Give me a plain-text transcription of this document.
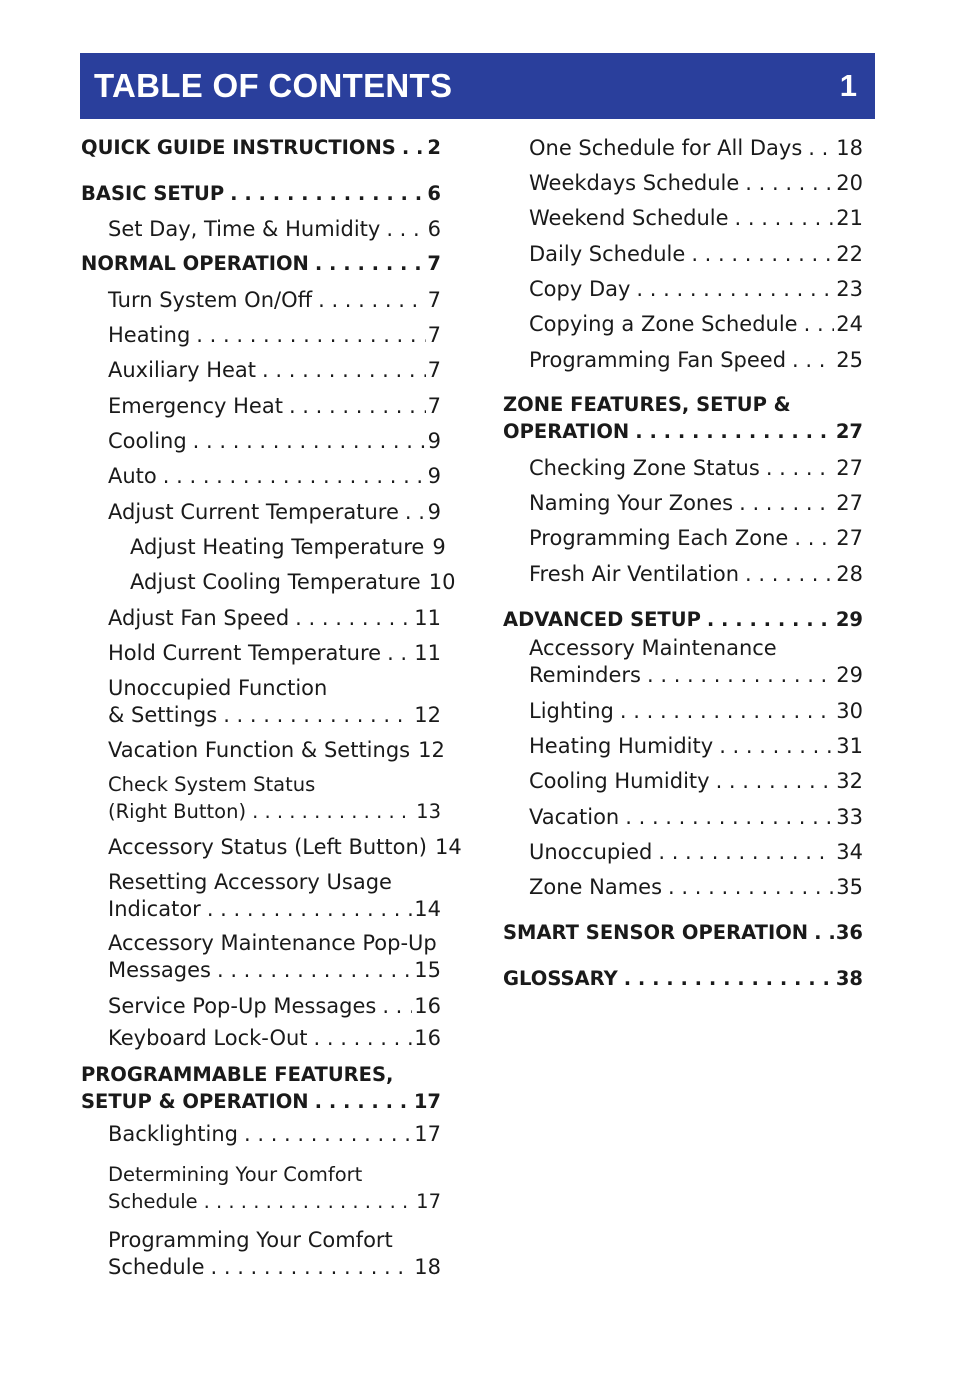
TABLE OF CONTENTS	1
QUICK GUIDE INSTRUCTIONS . . . 2
BASIC SETUP . . .	6
Set Day, Time & Humidity . . . 6
NORMAL OPERATION . . .	7
Turn System On/Off . . .	7
Heating . . .	7
Auxiliary Heat . . .	7
Emergency Heat . . .	7
Cooling . . .	9
Auto . . .	9
Adjust Current Temperature . . . 9
Adjust Heating Temperature 9
Adjust Cooling Temperature 10
Adjust Fan Speed . . .	11
Hold Current Temperature . . . 11
Unoccupied Function
& Settings . . .	12
Vacation Function & Settings 12
Check System Status
(Right Button) . . .	13
Accessory Status (Left Button) 14
Resetting Accessory Usage
Indicator . . .	14
Accessory Maintenance Pop-Up
Messages . . .	15
Service Pop-Up Messages . . . 16
Keyboard Lock-Out . . .	16
PROGRAMMABLE FEATURES,
SETUP & OPERATION . . .	17
Backlighting . . .	17
Determining Your Comfort
Schedule . . .	17
Programming Your Comfort
Schedule . . .	18
One Schedule for All Days . . . 18
Weekdays Schedule . . .	20
Weekend Schedule . . .	21
Daily Schedule . . .	22
Copy Day . . .	23
Copying a Zone Schedule . . . 24
Programming Fan Speed . . . 25
ZONE FEATURES, SETUP &
OPERATION . . .	27
Checking Zone Status . . .	27
Naming Your Zones . . .	27
Programming Each Zone . . . 27
Fresh Air Ventilation . . .	28
ADVANCED SETUP . . .	29
Accessory Maintenance
Reminders . . .	29
Lighting . . .	30
Heating Humidity . . .	31
Cooling Humidity . . .	32
Vacation . . .	33
Unoccupied . . .	34
Zone Names . . .	35
SMART SENSOR OPERATION . . . 36
GLOSSARY . . .	38
